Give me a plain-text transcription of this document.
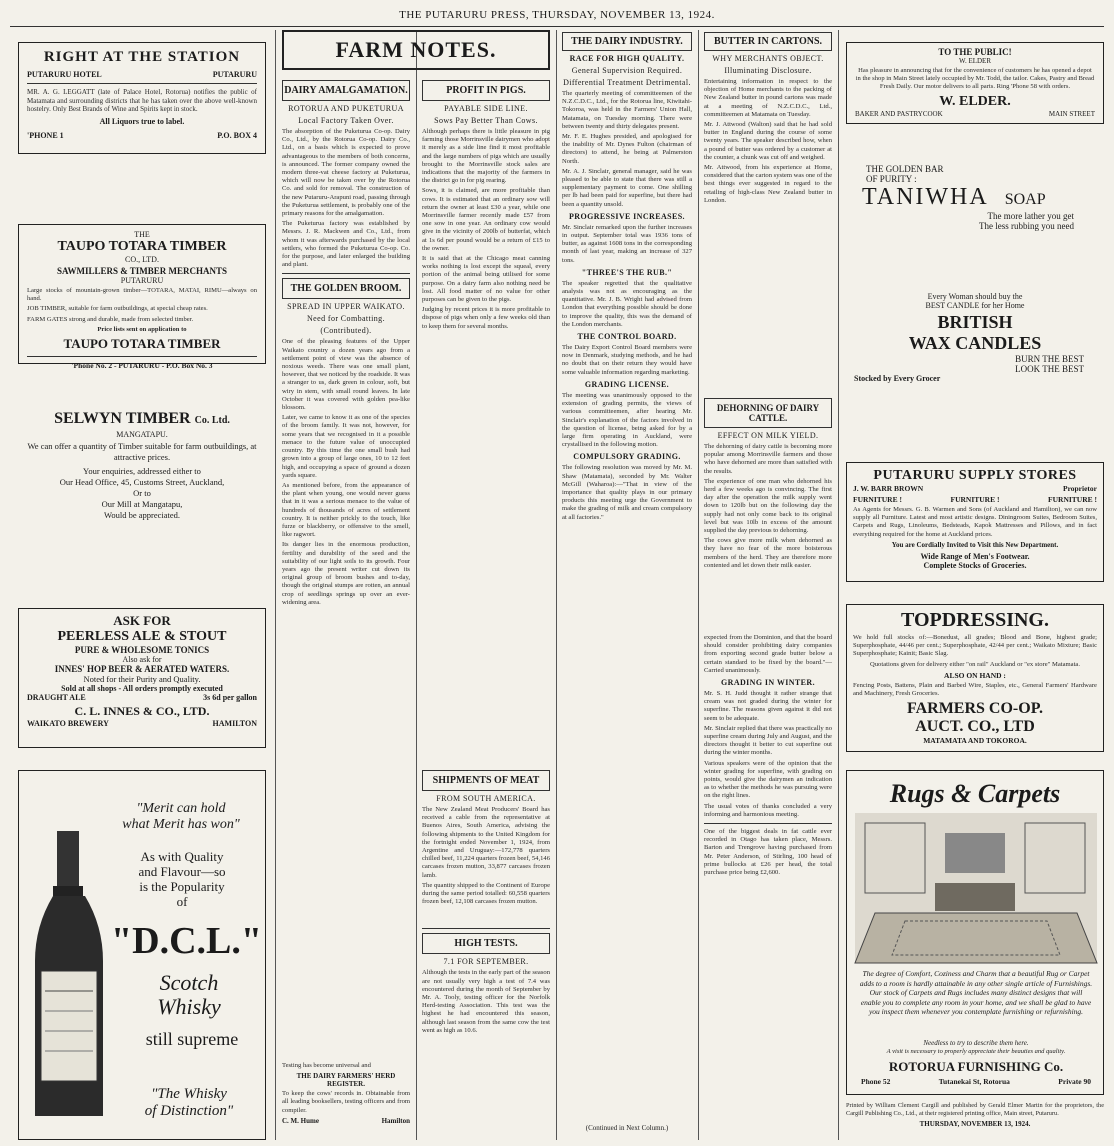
THE PUTARURU PRESS, THURSDAY, NOVEMBER 13, 1924.
RIGHT AT THE STATION
PUTARURU HOTEL	PUTARURU
MR. A. G. LEGGATT (late of Palace Hotel, Rotorua) notifies the public of Matamata and surrounding districts that he has taken over the above well-known hostelry. Only Best Brands of Wine and Spirits kept in stock.
All Liquors true to label.
'PHONE 1	P.O. BOX 4
THE
TAUPO TOTARA TIMBER
CO., LTD.
SAWMILLERS & TIMBER MERCHANTS
PUTARURU
Large stocks of mountain-grown timber—TOTARA, MATAI, RIMU—always on hand.
JOB TIMBER, suitable for farm outbuildings, at special cheap rates.
FARM GATES strong and durable, made from selected timber.
Price lists sent on application to
TAUPO TOTARA TIMBER
'Phone No. 2 - PUTARURU - P.O. Box No. 3
SELWYN TIMBER Co. Ltd.
MANGATAPU.
We can offer a quantity of Timber suitable for farm outbuildings, at attractive prices.
Your enquiries, addressed either to
Our Head Office, 45, Customs Street, Auckland,
Or to
Our Mill at Mangatapu,
Would be appreciated.
ASK FOR
PEERLESS ALE & STOUT
PURE & WHOLESOME TONICS
Also ask for
INNES' HOP BEER & AERATED WATERS.
Noted for their Purity and Quality.
Sold at all shops - All orders promptly executed
DRAUGHT ALE	3s 6d per gallon
C. L. INNES & CO., LTD.
WAIKATO BREWERY	HAMILTON
"Merit can hold
what Merit has won"
As with Quality
and Flavour—so
is the Popularity
of
"D.C.L."
Scotch
Whisky
still supreme
"The Whisky
of Distinction"
FARM NOTES.
DAIRY AMALGAMATION.
ROTORUA AND PUKETURUA
Local Factory Taken Over.
The absorption of the Puketurua Co-op. Dairy Co., Ltd., by the Rotorua Co-op. Dairy Co., Ltd., on a basis which is expected to prove advantageous to the members of both concerns, is announced. The former company owned the modern three-vat cheese factory at Puketurua, which will now be taken over by the Rotorua Co. and sold for removal. The construction of the new Putaruru-Arapuni road, passing through the Puketurua settlement, is probably one of the primary reasons for the amalgamation.
The Puketurua factory was established by Messrs. J. R. Mackwen and Co., Ltd., from whom it was afterwards purchased by the local settlers, who formed the Puketurua Co-op. Co. for the purpose, and later enlarged the building and plant.
THE GOLDEN BROOM.
SPREAD IN UPPER WAIKATO.
Need for Combatting.
(Contributed).
One of the pleasing features of the Upper Waikato country a dozen years ago from a settlement point of view was the absence of noxious weeds. There was one small plant, however, that we noticed by the roadside. It was a stranger to us, dark green in colour, soft, but wiry in stem, with small round leaves. In late October it was covered with golden pea-like blossom.
Later, we came to know it as one of the species of the broom family. It was not, however, for some years that we recognised in it a possible menace to the future value of unoccupied country. By this time the one small bush had grown into a group of large ones, 10 to 12 feet high, and occupying a space of ground a dozen yards square.
As mentioned before, from the appearance of the plant when young, one would never guess that in it was a serious menace to the value of hundreds of thousands of acres of settlement country. It is neither prickly to the touch, like furze or blackberry, or offensive to the smell, like ragwort.
Its danger lies in the enormous production, fertility and durability of the seed and the suitability of our light soils to its growth. Four years ago the present writer cut down its original group of broom bushes and to-day, though the original stumps are rotten, an annual crop of seedlings springs up over an ever-widening area.
Testing has become universal and
THE DAIRY FARMERS' HERD REGISTER.
To keep the cows' records in. Obtainable from all leading booksellers, testing officers and from compiler.
C. M. Hume	Hamilton
PROFIT IN PIGS.
PAYABLE SIDE LINE.
Sows Pay Better Than Cows.
Although perhaps there is little pleasure in pig farming those Morrinsville dairymen who adopt it merely as a side line find it most profitable and the large numbers of pigs which are usually brought to the Morrinsville stock sales are indications that the majority of the farmers in the district go in for pig rearing.
Sows, it is claimed, are more profitable than cows. It is estimated that an ordinary sow will return the owner at least £30 a year, while one Morrinsville farmer recently made £57 from one sow in one year. An ordinary cow would give in the vicinity of 200lb of butterfat, which at 1s 6d per pound would be a return of £15 to the owner.
It is said that at the Chicago meat canning works nothing is lost except the squeal, every portion of the animal being utilised for some purpose. On a dairy farm also nothing need be lost. All food matter of no value for other purposes can be given to the pigs.
Judging by recent prices it is more profitable to dispose of pigs when only a few weeks old than to keep them for several months.
SHIPMENTS OF MEAT
FROM SOUTH AMERICA.
The New Zealand Meat Producers' Board has received a cable from the representative at Buenos Aires, South America, advising the following shipments to the United Kingdom for the fortnight ended November 1, 1924, from Argentine and Uruguay:—172,778 quarters chilled beef, 11,224 quarters frozen beef, 54,146 carcases frozen mutton, 33,877 carcases frozen lamb.
The quantity shipped to the Continent of Europe during the same period totalled: 60,558 quarters frozen beef, 12,108 carcases frozen mutton.
HIGH TESTS.
7.1 FOR SEPTEMBER.
Although the tests in the early part of the season are not usually very high a test of 7.4 was encountered during the month of September by Mr. A. Tooly, testing officer for the Norfolk Herd-testing Association. This test was the highest he had encountered this season, although last season from the same cow the test went as high as 10.6.
THE DAIRY INDUSTRY.
RACE FOR HIGH QUALITY.
General Supervision Required.
Differential Treatment Detrimental.
The quarterly meeting of committeemen of the N.Z.C.D.C., Ltd., for the Rotorua line, Kiwitahi-Tokoroa, was held in the Farmers' Union Hall, Matamata, on Tuesday morning. There were between twenty and thirty delegates present.
Mr. F. E. Hughes presided, and apologised for the inability of Mr. Dynes Fulton (chairman of directors) to attend, he being at Palmerston North.
Mr. A. J. Sinclair, general manager, said he was pleased to be able to state that there was still a supplementary payment to come. One shilling per lb had been paid for superfine, but there had been a quantity unsold.
PROGRESSIVE INCREASES.
Mr. Sinclair remarked upon the further increases in output. September total was 1936 tons of butter, as against 1608 tons in the corresponding month of last year, making an increase of 327 tons.
"THREE'S THE RUB."
The speaker regretted that the qualitative analysis was not as encouraging as the quantitative. Mr. J. B. Wright had advised from London that everything possible should be done to improve the quality, this was the demand of the London merchants.
THE CONTROL BOARD.
The Dairy Export Control Board members were now in Denmark, studying methods, and he had no doubt that on their return they would have some valuable information regarding marketing.
GRADING LICENSE.
The meeting was unanimously opposed to the extension of grading permits, the views of various committeemen, after hearing Mr. Sinclair's explanation of the factors involved in the question of license, being asked for by a large firm operating in Auckland, were crystallised in the following motion.
COMPULSORY GRADING.
The following resolution was moved by Mr. M. Shaw (Matamata), seconded by Mr. Walter McGill (Waharoa):—"That in view of the importance that quality plays in our primary products this meeting urge the Government to make the grading of milk and cream compulsory at all factories."
(Continued in Next Column.)
BUTTER IN CARTONS.
WHY MERCHANTS OBJECT.
Illuminating Disclosure.
Entertaining information in respect to the objection of Home merchants to the packing of New Zealand butter in pound cartons was made at a meeting of N.Z.C.D.C., Ltd., committeemen at Matamata on Tuesday.
Mr. J. Attwood (Walton) said that he had sold butter in England during the course of some twenty years. The speaker described how, when a pound of butter was ordered by a customer at the counter, a chunk was cut off and weighed.
Mr. Attwood, from his experience at Home, considered that the carton system was one of the best things ever suggested in regard to the retailing of high-class New Zealand butter in London.
DEHORNING OF DAIRY CATTLE.
EFFECT ON MILK YIELD.
The dehorning of dairy cattle is becoming more popular among Morrinsville farmers and those who have dehorned are more than satisfied with the results.
The experience of one man who dehorned his herd a few weeks ago is convincing. The first day after the operation the milk supply went down to 120lb but on the following day the supply had not only come back to its original level but was 10lb in excess of the amount supplied the day previous to dehorning.
The cows give more milk when dehorned as they have no fear of the more boisterous members of the herd. They are therefore more contented and let down their milk easier.
expected from the Dominion, and that the board should consider prohibiting dairy companies from exporting second grade butter below a certain standard to be fixed by the board."—Carried unanimously.
GRADING IN WINTER.
Mr. S. H. Judd thought it rather strange that cream was not graded during the winter for superfine. The reasons given against it did not seem to be adequate.
Mr. Sinclair replied that there was practically no superfine cream during July and August, and the directors thought it better to cut superfine out during the winter months.
Various speakers were of the opinion that the winter grading for superfine, with grading on points, would give the dairymen an indication as to whether the methods he was pursuing were on the right lines.
The usual votes of thanks concluded a very informing and harmonious meeting.
One of the biggest deals in fat cattle ever recorded in Otago has taken place, Messrs. Barton and Trengrove having purchased from Mr. Peter Anderson, of Stirling, 100 head of prime bullocks at £26 per head, the total purchase price being £2,600.
TO THE PUBLIC!
W. ELDER
Has pleasure in announcing that for the convenience of customers he has opened a depot in the shop in Main Street lately occupied by Mr. Todd, the tailor. Cakes, Pastry and Bread Fresh Daily. Our motor delivers to all parts. Ring 'Phone 58 with orders.
W. ELDER.
BAKER AND PASTRYCOOK	MAIN STREET
THE GOLDEN BAR
OF PURITY :
TANIWHA SOAP
The more lather you get
The less rubbing you need
Every Woman should buy the
BEST CANDLE for her Home
BRITISH
WAX CANDLES
BURN THE BEST
LOOK THE BEST
Stocked by Every Grocer
PUTARURU SUPPLY STORES
J. W. BARR BROWN	Proprietor
FURNITURE !	FURNITURE !	FURNITURE !
As Agents for Messrs. G. B. Warmen and Sons (of Auckland and Hamilton), we can now supply all Furniture. Latest and most artistic designs. Diningroom Suites, Bedroom Suites, Carpets and Rugs, Linoleums, Bedsteads, Kapok Mattresses and Pillows, and in fact everything required for the home at Auckland prices.
You are Cordially Invited to Visit this New Department.
Wide Range of Men's Footwear.
Complete Stocks of Groceries.
TOPDRESSING.
We hold full stocks of:—Bonedust, all grades; Blood and Bone, highest grade; Superphosphate, 44/46 per cent.; Superphosphate, 42/44 per cent.; Waikato Mixture; Basic Superphosphate; Kainit; Basic Slag.
Quotations given for delivery either "on rail" Auckland or "ex store" Matamata.
ALSO ON HAND :
Fencing Posts, Battens, Plain and Barbed Wire, Staples, etc., General Farmers' Hardware and Machinery, Fresh Groceries.
FARMERS CO-OP.
AUCT. CO., LTD
MATAMATA AND TOKOROA.
Rugs & Carpets
The degree of Comfort, Coziness and Charm that a beautiful Rug or Carpet adds to a room is hardly attainable in any other single article of Furnishings. Our stock of Carpets and Rugs includes many distinct designs that will enable you to complete any room in your home, and we shall be glad to have you inspect them whenever you contemplate furnishing or refurnishing.
Needless to try to describe them here.
A visit is necessary to properly appreciate their beauties and quality.
ROTORUA FURNISHING Co.
Phone 52	Tutanekai St, Rotorua	Private 90
Printed by William Clement Cargill and published by Gerald Elmer Martin for the proprietors, the Cargill Publishing Co., Ltd., at their registered printing office, Main street, Putaruru.
THURSDAY, NOVEMBER 13, 1924.
